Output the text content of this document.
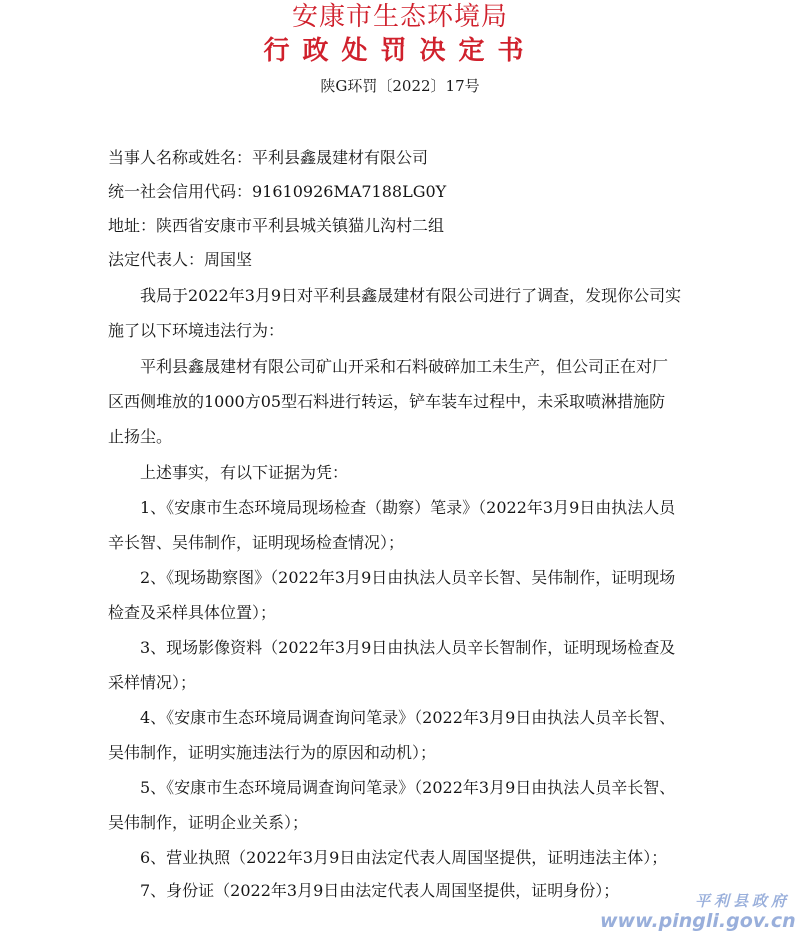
安康市生态环境局
行政处罚决定书
陕G环罚〔2022〕17号
当事人名称或姓名：平利县鑫晟建材有限公司
统一社会信用代码：91610926MA7188LG0Y
地址：陕西省安康市平利县城关镇猫儿沟村二组
法定代表人：周国坚
我局于2022年3月9日对平利县鑫晟建材有限公司进行了调查，发现你公司实
施了以下环境违法行为：
平利县鑫晟建材有限公司矿山开采和石料破碎加工未生产，但公司正在对厂
区西侧堆放的1000方05型石料进行转运，铲车装车过程中，未采取喷淋措施防
止扬尘。
上述事实，有以下证据为凭：
1、《安康市生态环境局现场检查（勘察）笔录》（2022年3月9日由执法人员
辛长智、吴伟制作，证明现场检查情况）；
2、《现场勘察图》（2022年3月9日由执法人员辛长智、吴伟制作，证明现场
检查及采样具体位置）；
3、现场影像资料（2022年3月9日由执法人员辛长智制作，证明现场检查及
采样情况）；
4、《安康市生态环境局调查询问笔录》（2022年3月9日由执法人员辛长智、
吴伟制作，证明实施违法行为的原因和动机）；
5、《安康市生态环境局调查询问笔录》（2022年3月9日由执法人员辛长智、
吴伟制作，证明企业关系）；
6、营业执照（2022年3月9日由法定代表人周国坚提供，证明违法主体）；
7、身份证（2022年3月9日由法定代表人周国坚提供，证明身份）；
平利县政府
www.pingli.gov.cn
